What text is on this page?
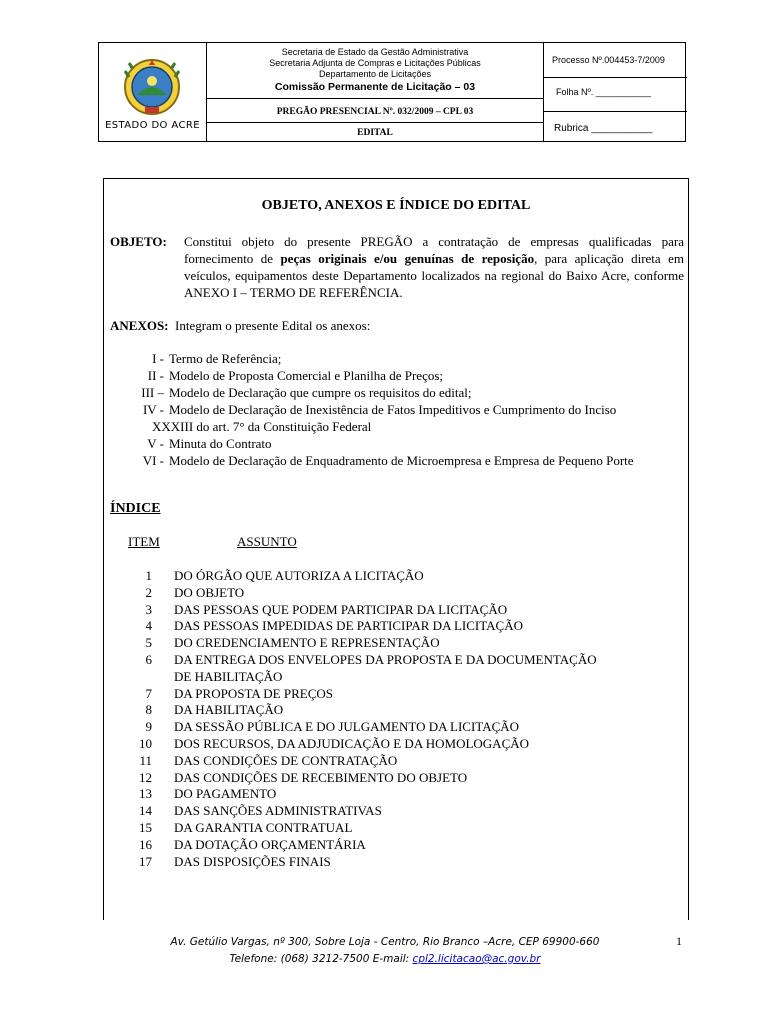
ESTADO DO ACRE
Secretaria de Estado da Gestão Administrativa
Secretaria Adjunta de Compras e Licitações Públicas
Departamento de Licitações
Comissão Permanente de Licitação – 03
PREGÃO PRESENCIAL Nº. 032/2009 – CPL 03
EDITAL
Processo Nº.004453-7/2009
Folha Nº. ___________
Rubrica ___________
OBJETO, ANEXOS E ÍNDICE DO EDITAL
OBJETO: Constitui objeto do presente PREGÃO a contratação de empresas qualificadas para fornecimento de peças originais e/ou genuínas de reposição, para aplicação direta em veículos, equipamentos deste Departamento localizados na regional do Baixo Acre, conforme ANEXO I – TERMO DE REFERÊNCIA.
ANEXOS: Integram o presente Edital os anexos:
I - Termo de Referência;
II - Modelo de Proposta Comercial e Planilha de Preços;
III – Modelo de Declaração que cumpre os requisitos do edital;
IV - Modelo de Declaração de Inexistência de Fatos Impeditivos e Cumprimento do Inciso
XXXIII do art. 7° da Constituição Federal
V - Minuta do Contrato
VI - Modelo de Declaração de Enquadramento de Microempresa e Empresa de Pequeno Porte
ÍNDICE
ITEM	ASSUNTO
1 DO ÓRGÃO QUE AUTORIZA A LICITAÇÃO
2 DO OBJETO
3 DAS PESSOAS QUE PODEM PARTICIPAR DA LICITAÇÃO
4 DAS PESSOAS IMPEDIDAS DE PARTICIPAR DA LICITAÇÃO
5 DO CREDENCIAMENTO E REPRESENTAÇÃO
6 DA ENTREGA DOS ENVELOPES DA PROPOSTA E DA DOCUMENTAÇÃO
DE HABILITAÇÃO
7 DA PROPOSTA DE PREÇOS
8 DA HABILITAÇÃO
9 DA SESSÃO PÚBLICA E DO JULGAMENTO DA LICITAÇÃO
10 DOS RECURSOS, DA ADJUDICAÇÃO E DA HOMOLOGAÇÃO
11 DAS CONDIÇÕES DE CONTRATAÇÃO
12 DAS CONDIÇÕES DE RECEBIMENTO DO OBJETO
13 DO PAGAMENTO
14 DAS SANÇÕES ADMINISTRATIVAS
15 DA GARANTIA CONTRATUAL
16 DA DOTAÇÃO ORÇAMENTÁRIA
17 DAS DISPOSIÇÕES FINAIS
Av. Getúlio Vargas, nº 300, Sobre Loja - Centro, Rio Branco –Acre, CEP 69900-660
Telefone: (068) 3212-7500 E-mail: cpl2.licitacao@ac.gov.br
1
